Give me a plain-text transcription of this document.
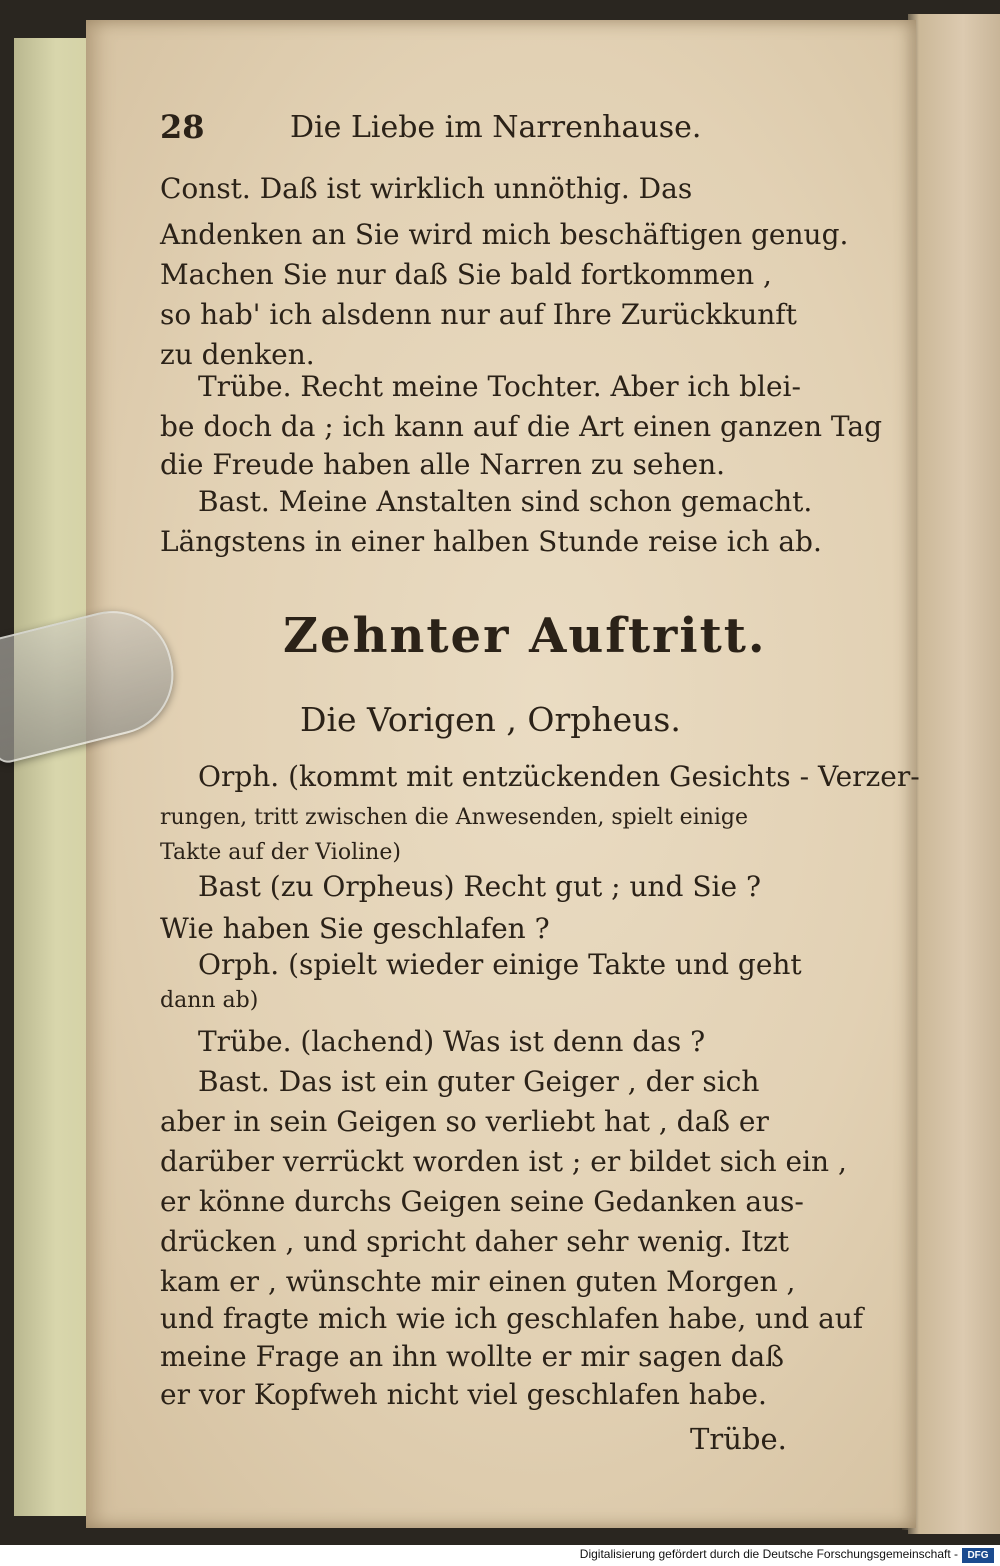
28	Die Liebe im Narrenhause.
Const. Daß ist wirklich unnöthig. Das
Andenken an Sie wird mich beschäftigen genug.
Machen Sie nur daß Sie bald fortkommen ,
so hab' ich alsdenn nur auf Ihre Zurückkunft
zu denken.
Trübe. Recht meine Tochter. Aber ich blei-
be doch da ; ich kann auf die Art einen ganzen Tag
die Freude haben alle Narren zu sehen.
Bast. Meine Anstalten sind schon gemacht.
Längstens in einer halben Stunde reise ich ab.
Zehnter Auftritt.
Die Vorigen , Orpheus.
Orph. (kommt mit entzückenden Gesichts - Verzer-
rungen, tritt zwischen die Anwesenden, spielt einige
Takte auf der Violine)
Bast (zu Orpheus) Recht gut ; und Sie ?
Wie haben Sie geschlafen ?
Orph. (spielt wieder einige Takte und geht
dann ab)
Trübe. (lachend) Was ist denn das ?
Bast. Das ist ein guter Geiger , der sich
aber in sein Geigen so verliebt hat , daß er
darüber verrückt worden ist ; er bildet sich ein ,
er könne durchs Geigen seine Gedanken aus-
drücken , und spricht daher sehr wenig. Itzt
kam er , wünschte mir einen guten Morgen ,
und fragte mich wie ich geschlafen habe, und auf
meine Frage an ihn wollte er mir sagen daß
er vor Kopfweh nicht viel geschlafen habe.
Trübe.
Digitalisierung gefördert durch die Deutsche Forschungsgemeinschaft - DFG
